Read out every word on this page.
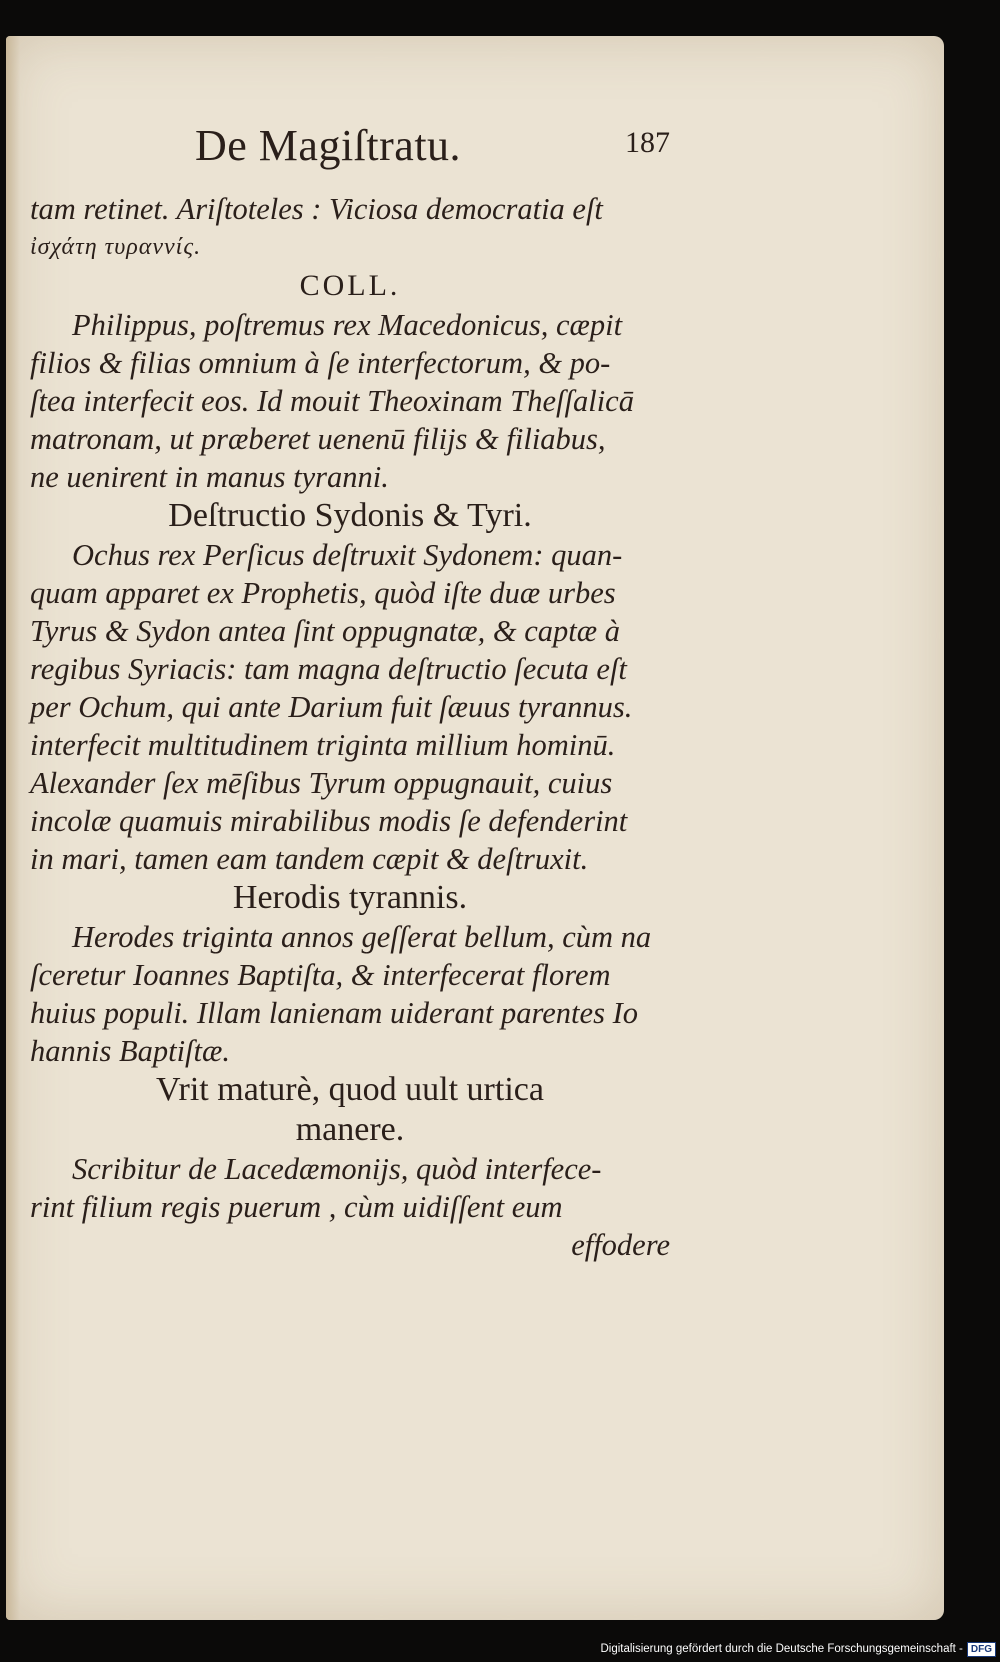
De Magiſtratu.	187
tam retinet. Ariſtoteles : Viciosa democratia eſt
ἰσχάτη τυραννίς.
COLL.
Philippus, poſtremus rex Macedonicus, cæpit
filios & filias omnium à ſe interfectorum, & po-
ſtea interfecit eos. Id mouit Theoxinam Theſſalicā
matronam, ut præberet uenenū filijs & filiabus,
ne uenirent in manus tyranni.
Deſtructio Sydonis & Tyri.
Ochus rex Perſicus deſtruxit Sydonem: quan-
quam apparet ex Prophetis, quòd iſte duæ urbes
Tyrus & Sydon antea ſint oppugnatæ, & captæ à
regibus Syriacis: tam magna deſtructio ſecuta eſt
per Ochum, qui ante Darium fuit ſæuus tyrannus.
interfecit multitudinem triginta millium hominū.
Alexander ſex mēſibus Tyrum oppugnauit, cuius
incolæ quamuis mirabilibus modis ſe defenderint
in mari, tamen eam tandem cæpit & deſtruxit.
Herodis tyrannis.
Herodes triginta annos geſſerat bellum, cùm na
ſceretur Ioannes Baptiſta, & interfecerat florem
huius populi. Illam lanienam uiderant parentes Io
hannis Baptiſtæ.
Vrit maturè, quod uult urtica
manere.
Scribitur de Lacedæmonijs, quòd interfece-
rint filium regis puerum , cùm uidiſſent eum
effodere
Digitalisierung gefördert durch die Deutsche Forschungsgemeinschaft - DFG
